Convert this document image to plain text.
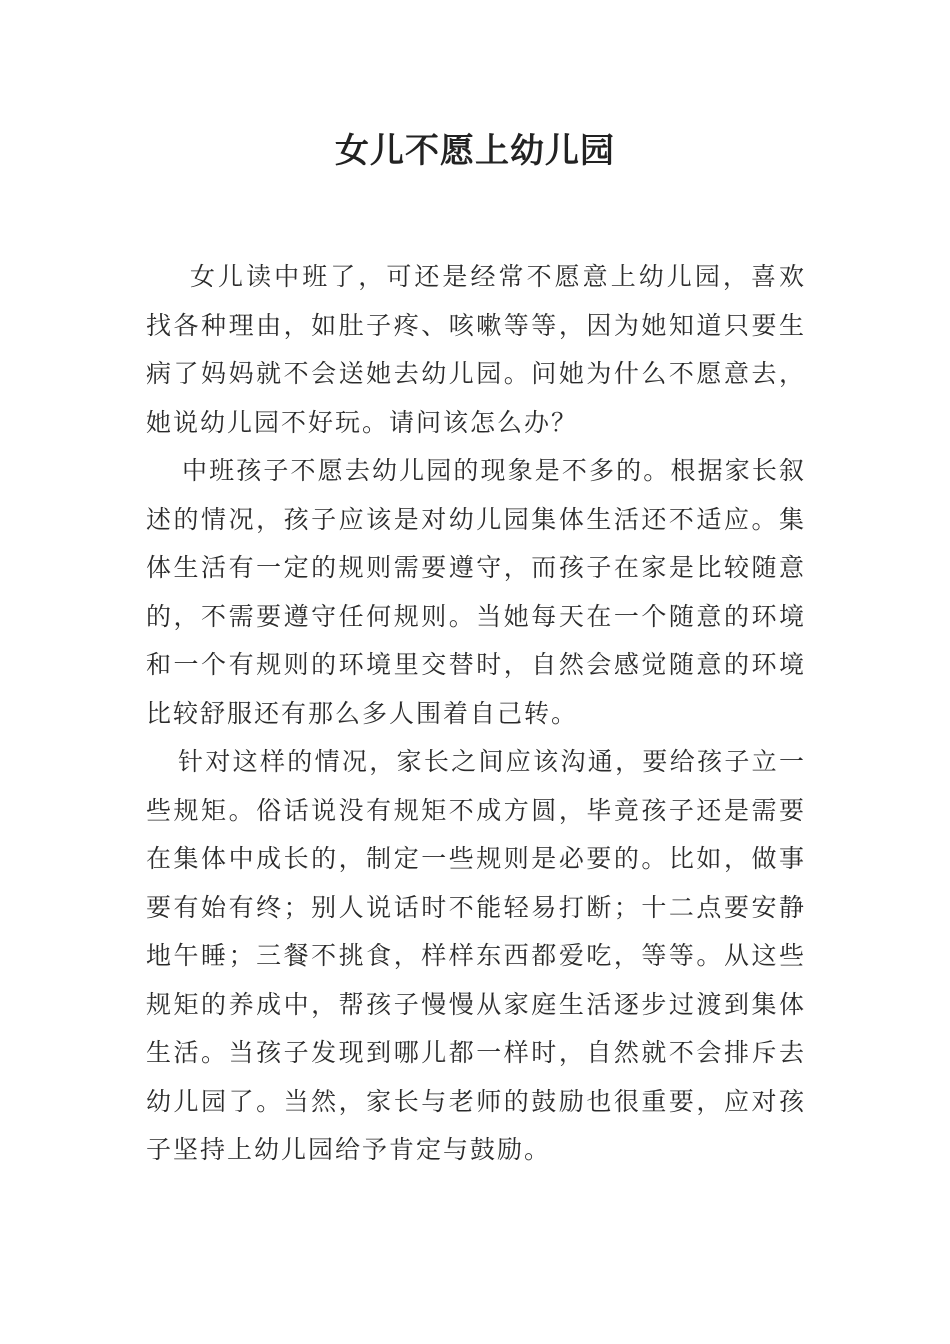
女儿不愿上幼儿园

女儿读中班了，可还是经常不愿意上幼儿园，喜欢找各种理由，如肚子疼、咳嗽等等，因为她知道只要生病了妈妈就不会送她去幼儿园。问她为什么不愿意去，她说幼儿园不好玩。请问该怎么办？

中班孩子不愿去幼儿园的现象是不多的。根据家长叙述的情况，孩子应该是对幼儿园集体生活还不适应。集体生活有一定的规则需要遵守，而孩子在家是比较随意的，不需要遵守任何规则。当她每天在一个随意的环境和一个有规则的环境里交替时，自然会感觉随意的环境比较舒服还有那么多人围着自己转。

针对这样的情况，家长之间应该沟通，要给孩子立一些规矩。俗话说没有规矩不成方圆，毕竟孩子还是需要在集体中成长的，制定一些规则是必要的。比如，做事要有始有终；别人说话时不能轻易打断；十二点要安静地午睡；三餐不挑食，样样东西都爱吃，等等。从这些规矩的养成中，帮孩子慢慢从家庭生活逐步过渡到集体生活。当孩子发现到哪儿都一样时，自然就不会排斥去幼儿园了。当然，家长与老师的鼓励也很重要，应对孩子坚持上幼儿园给予肯定与鼓励。
